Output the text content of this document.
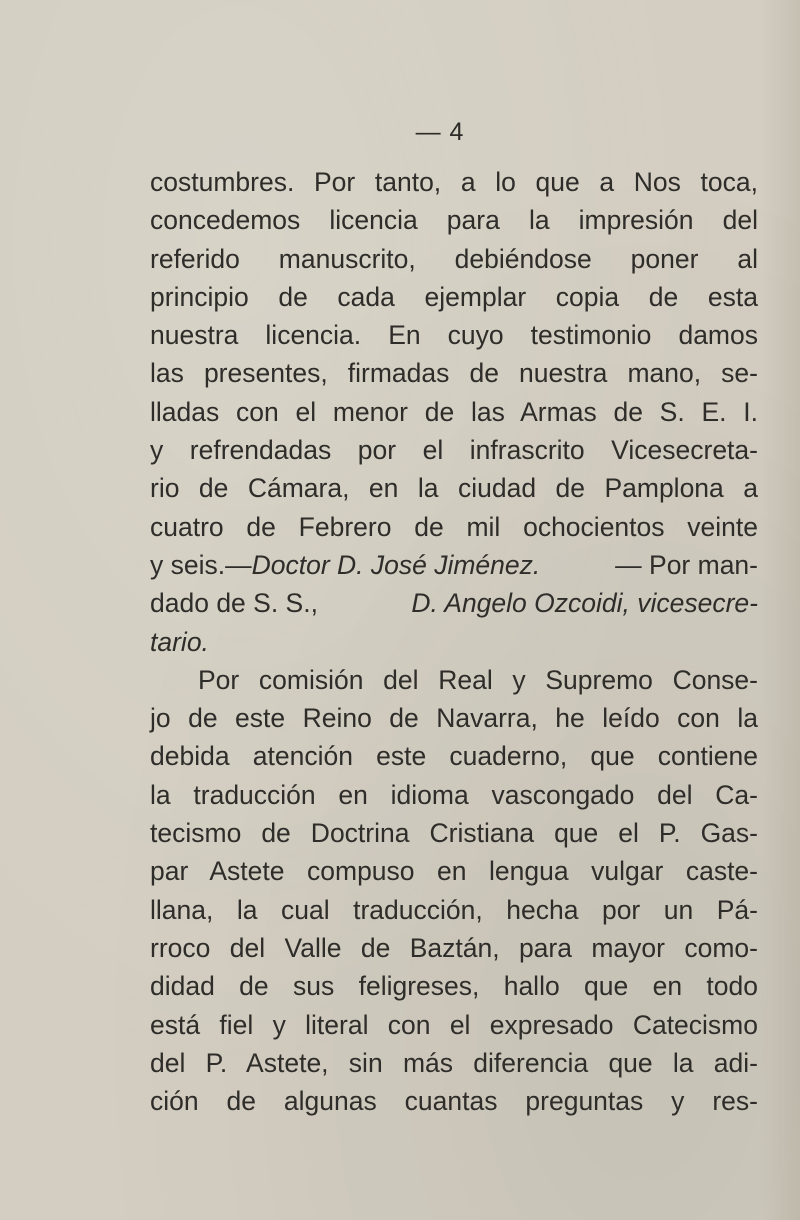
— 4
costumbres. Por tanto, a lo que a Nos toca,
concedemos licencia para la impresión del
referido manuscrito, debiéndose poner al
principio de cada ejemplar copia de esta
nuestra licencia. En cuyo testimonio damos
las presentes, firmadas de nuestra mano, se-
lladas con el menor de las Armas de S. E. I.
y refrendadas por el infrascrito Vicesecreta-
rio de Cámara, en la ciudad de Pamplona a
cuatro de Febrero de mil ochocientos veinte
y seis.—Doctor D. José Jiménez.	— Por man-
dado de S. S.,	D. Angelo Ozcoidi, vicesecre-
tario.
Por comisión del Real y Supremo Conse-
jo de este Reino de Navarra, he leído con la
debida atención este cuaderno, que contiene
la traducción en idioma vascongado del Ca-
tecismo de Doctrina Cristiana que el P. Gas-
par Astete compuso en lengua vulgar caste-
llana, la cual traducción, hecha por un Pá-
rroco del Valle de Baztán, para mayor como-
didad de sus feligreses, hallo que en todo
está fiel y literal con el expresado Catecismo
del P. Astete, sin más diferencia que la adi-
ción de algunas cuantas preguntas y res-
